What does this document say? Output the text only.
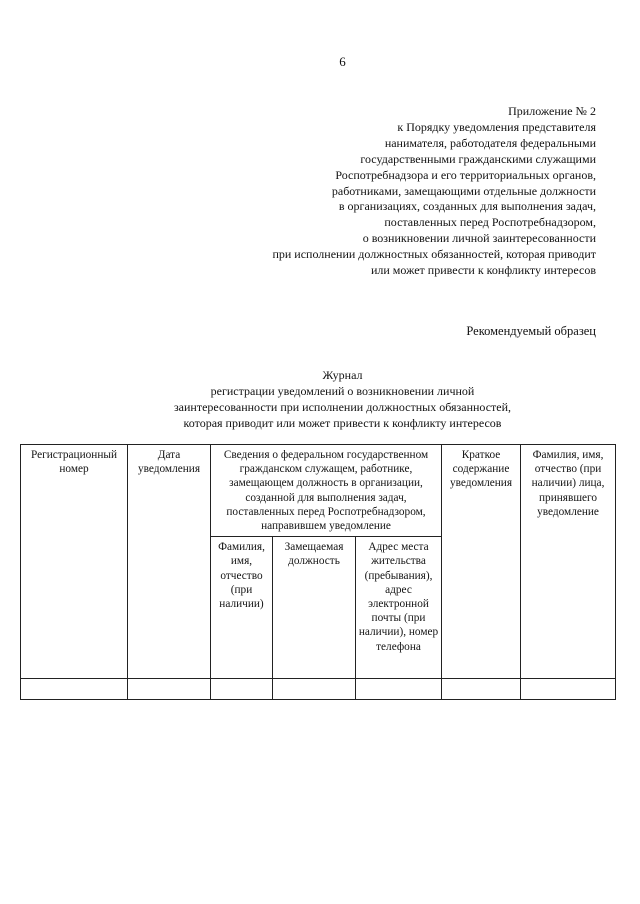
6
Приложение № 2
к Порядку уведомления представителя
нанимателя, работодателя федеральными
государственными гражданскими служащими
Роспотребнадзора и его территориальных органов,
работниками, замещающими отдельные должности
в организациях, созданных для выполнения задач,
поставленных перед Роспотребнадзором,
о возникновении личной заинтересованности
при исполнении должностных обязанностей, которая приводит
или может привести к конфликту интересов
Рекомендуемый образец
Журнал
регистрации уведомлений о возникновении личной
заинтересованности при исполнении должностных обязанностей,
которая приводит или может привести к конфликту интересов
Регистрационный номер	Дата уведомления	Сведения о федеральном государственном гражданском служащем, работнике, замещающем должность в организации, созданной для выполнения задач, поставленных перед Роспотребнадзором, направившем уведомление			Краткое содержание уведомления	Фамилия, имя, отчество (при наличии) лица, принявшего уведомление
		Фамилия, имя, отчество (при наличии)	Замещаемая должность	Адрес места жительства (пребывания), адрес электронной почты (при наличии), номер телефона		
